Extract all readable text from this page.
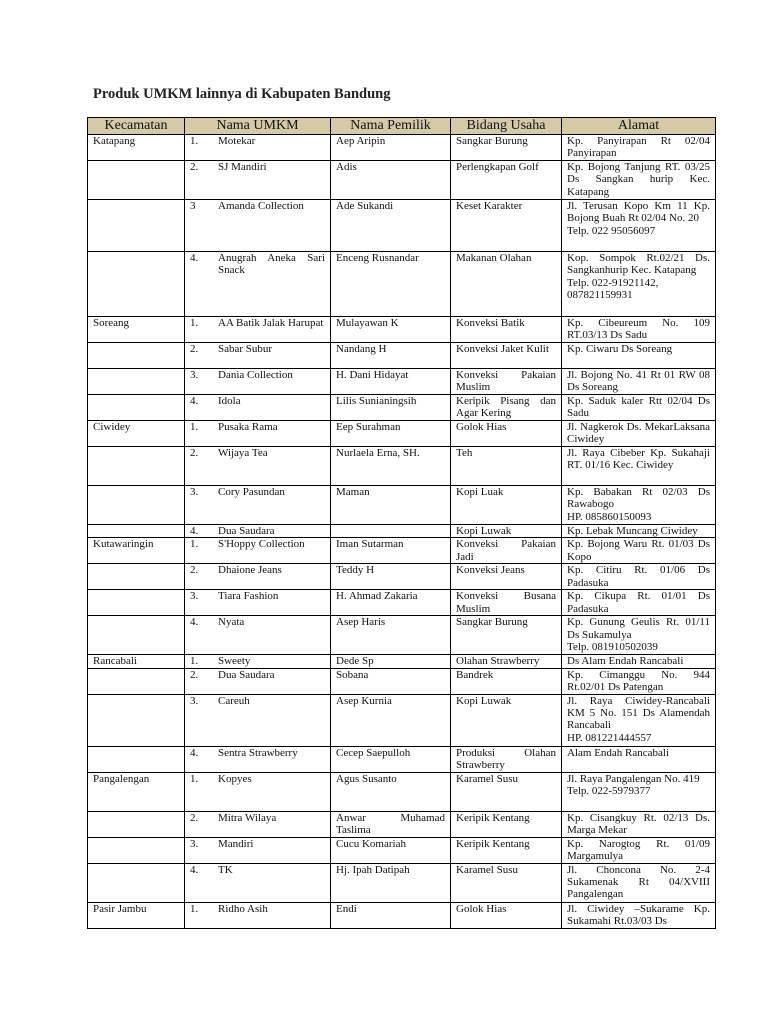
Produk UMKM lainnya di Kabupaten Bandung
Kecamatan	Nama UMKM	Nama Pemilik	Bidang Usaha	Alamat
Katapang	1. Motekar	Aep Aripin	Sangkar Burung	Kp. Panyirapan Rt 02/04 Panyirapan

	2. SJ Mandiri	Adis	Perlengkapan Golf	Kp. Bojong Tanjung RT. 03/25 Ds Sangkan hurip Kec. Katapang

	3 Amanda Collection	Ade Sukandi	Keset Karakter	Jl. Terusan Kopo Km 11 Kp. Bojong Buah Rt 02/04 No. 20
Telp. 022 95056097

	4. Anugrah Aneka Sari Snack	Enceng Rusnandar	Makanan Olahan	Kop. Sompok Rt.02/21 Ds. Sangkanhurip Kec. Katapang
Telp. 022-91921142, 087821159931

Soreang	1. AA Batik Jalak Harupat	Mulayawan K	Konveksi Batik	Kp. Cibeureum No. 109 RT.03/13 Ds Sadu

	2. Sabar Subur	Nandang H	Konveksi Jaket Kulit	Kp. Ciwaru Ds Soreang

	3. Dania Collection	H. Dani Hidayat	Konveksi Pakaian Muslim	Jl. Bojong No. 41 Rt 01 RW 08 Ds Soreang

	4. Idola	Lilis Sunianingsih	Keripik Pisang dan Agar Kering	Kp. Saduk kaler Rtt 02/04 Ds Sadu

Ciwidey	1. Pusaka Rama	Eep Surahman	Golok Hias	Jl. Nagkerok Ds. MekarLaksana Ciwidey

	2. Wijaya Tea	Nurlaela Erna, SH.	Teh	Jl. Raya Cibeber Kp. Sukahaji RT. 01/16 Kec. Ciwidey

	3. Cory Pasundan	Maman	Kopi Luak	Kp. Babakan Rt 02/03 Ds Rawabogo
HP. 085860150093

	4. Dua Saudara		Kopi Luwak	Kp. Lebak Muncang Ciwidey

Kutawaringin	1. S'Hoppy Collection	Iman Sutarman	Konveksi Pakaian Jadi	Kp. Bojong Waru Rt. 01/03 Ds Kopo

	2. Dhaione Jeans	Teddy H	Konveksi Jeans	Kp. Citiru Rt. 01/06 Ds Padasuka

	3. Tiara Fashion	H. Ahmad Zakaria	Konveksi Busana Muslim	Kp. Cikupa Rt. 01/01 Ds Padasuka

	4. Nyata	Asep Haris	Sangkar Burung	Kp. Gunung Geulis Rt. 01/11 Ds Sukamulya
Telp. 081910502039

Rancabali	1. Sweety	Dede Sp	Olahan Strawberry	Ds Alam Endah Rancabali

	2. Dua Saudara	Sobana	Bandrek	Kp. Cimanggu No. 944 Rt.02/01 Ds Patengan

	3. Careuh	Asep Kurnia	Kopi Luwak	Jl. Raya Ciwidey-Rancabali KM 5 No. 151 Ds Alamendah Rancabali
HP. 081221444557

	4. Sentra Strawberry	Cecep Saepulloh	Produksi Olahan Strawberry	Alam Endah Rancabali

Pangalengan	1. Kopyes	Agus Susanto	Karamel Susu	Jl. Raya Pangalengan No. 419
Telp. 022-5979377

	2. Mitra Wilaya	Anwar Muhamad Taslima	Keripik Kentang	Kp. Cisangkuy Rt. 02/13 Ds. Marga Mekar

	3. Mandiri	Cucu Komariah	Keripik Kentang	Kp. Narogtog Rt. 01/09 Margamulya

	4. TK	Hj. Ipah Datipah	Karamel Susu	Jl. Choncona No. 2-4 Sukamenak Rt 04/XVIII Pangalengan

Pasir Jambu	1. Ridho Asih	Endi	Golok Hias	Jl. Ciwidey –Sukarame Kp. Sukamahi Rt.03/03 Ds
